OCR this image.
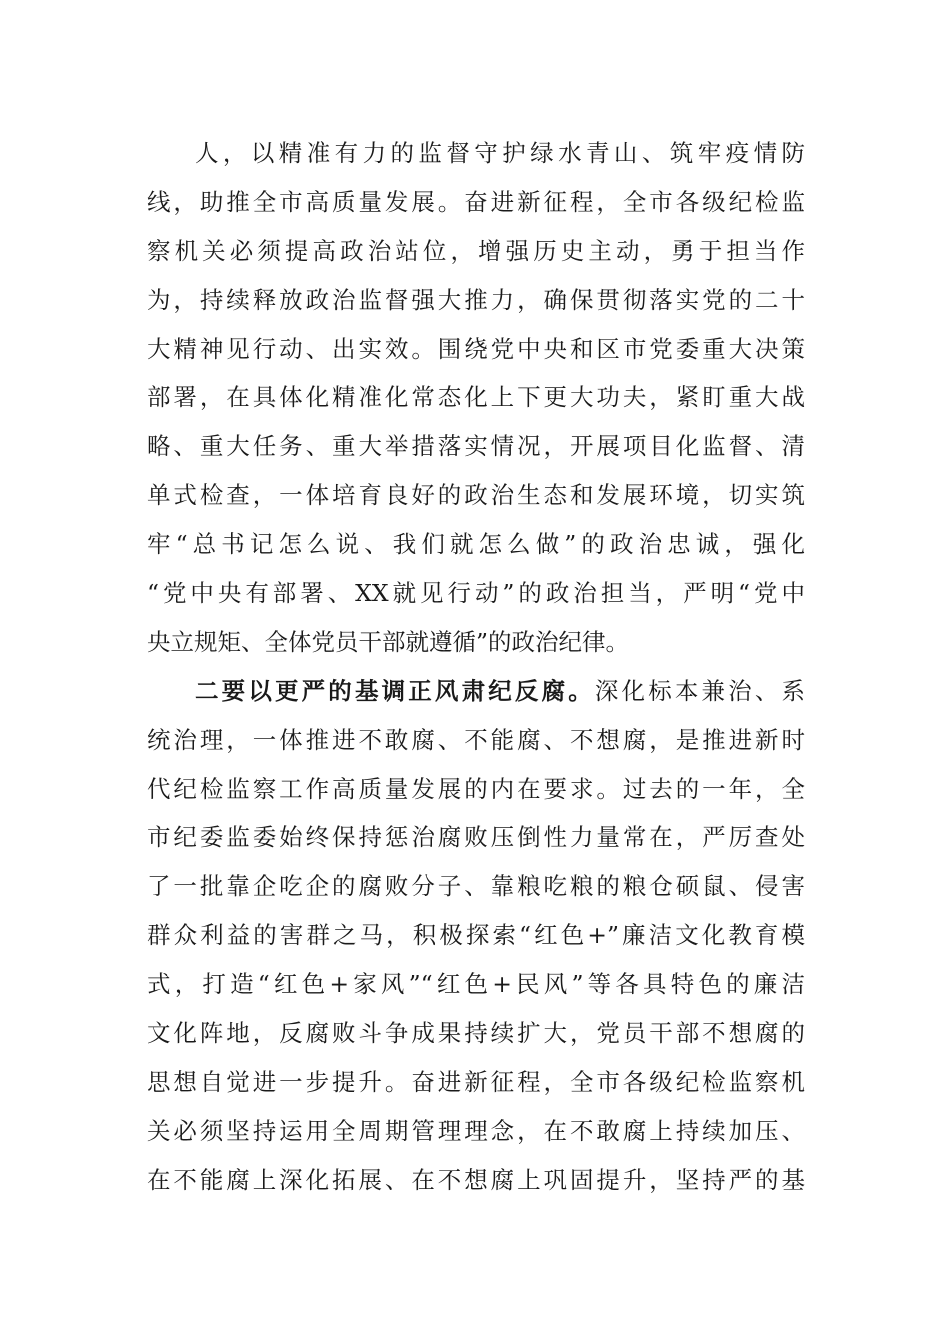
人，以精准有力的监督守护绿水青山、筑牢疫情防
线，助推全市高质量发展。奋进新征程，全市各级纪检监
察机关必须提高政治站位，增强历史主动，勇于担当作
为，持续释放政治监督强大推力，确保贯彻落实党的二十
大精神见行动、出实效。围绕党中央和区市党委重大决策
部署，在具体化精准化常态化上下更大功夫，紧盯重大战
略、重大任务、重大举措落实情况，开展项目化监督、清
单式检查，一体培育良好的政治生态和发展环境，切实筑
牢“总书记怎么说、我们就怎么做”的政治忠诚，强化
“党中央有部署、XX就见行动”的政治担当，严明“党中
央立规矩、全体党员干部就遵循”的政治纪律。
二要以更严的基调正风肃纪反腐。深化标本兼治、系
统治理，一体推进不敢腐、不能腐、不想腐，是推进新时
代纪检监察工作高质量发展的内在要求。过去的一年，全
市纪委监委始终保持惩治腐败压倒性力量常在，严厉查处
了一批靠企吃企的腐败分子、靠粮吃粮的粮仓硕鼠、侵害
群众利益的害群之马，积极探索“红色+”廉洁文化教育模
式，打造“红色+家风”“红色+民风”等各具特色的廉洁
文化阵地，反腐败斗争成果持续扩大，党员干部不想腐的
思想自觉进一步提升。奋进新征程，全市各级纪检监察机
关必须坚持运用全周期管理理念，在不敢腐上持续加压、
在不能腐上深化拓展、在不想腐上巩固提升，坚持严的基
